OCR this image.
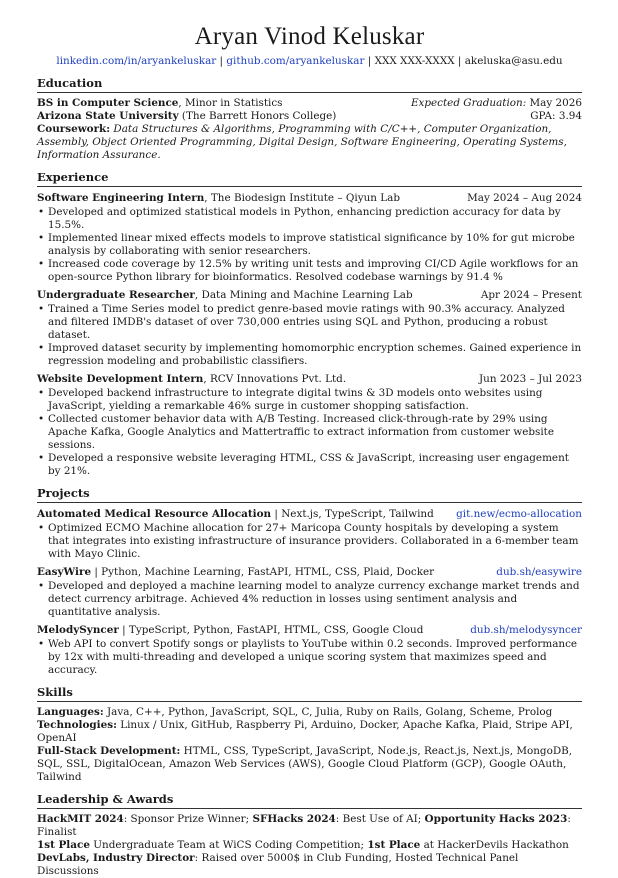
Aryan Vinod Keluskar
linkedin.com/in/aryankeluskar | github.com/aryankeluskar | XXX XXX-XXXX | akeluska@asu.edu
Education
BS in Computer Science, Minor in Statistics	Expected Graduation: May 2026
Arizona State University (The Barrett Honors College)	GPA: 3.94
Coursework: Data Structures & Algorithms, Programming with C/C++, Computer Organization, Assembly, Object Oriented Programming, Digital Design, Software Engineering, Operating Systems, Information Assurance.
Experience
Software Engineering Intern, The Biodesign Institute – Qiyun Lab	May 2024 – Aug 2024
• Developed and optimized statistical models in Python, enhancing prediction accuracy for data by 15.5%.
• Implemented linear mixed effects models to improve statistical significance by 10% for gut microbe analysis by collaborating with senior researchers.
• Increased code coverage by 12.5% by writing unit tests and improving CI/CD Agile workflows for an open-source Python library for bioinformatics. Resolved codebase warnings by 91.4 %
Undergraduate Researcher, Data Mining and Machine Learning Lab	Apr 2024 – Present
• Trained a Time Series model to predict genre-based movie ratings with 90.3% accuracy. Analyzed and filtered IMDB's dataset of over 730,000 entries using SQL and Python, producing a robust dataset.
• Improved dataset security by implementing homomorphic encryption schemes. Gained experience in regression modeling and probabilistic classifiers.
Website Development Intern, RCV Innovations Pvt. Ltd.	Jun 2023 – Jul 2023
• Developed backend infrastructure to integrate digital twins & 3D models onto websites using JavaScript, yielding a remarkable 46% surge in customer shopping satisfaction.
• Collected customer behavior data with A/B Testing. Increased click-through-rate by 29% using Apache Kafka, Google Analytics and Mattertraffic to extract information from customer website sessions.
• Developed a responsive website leveraging HTML, CSS & JavaScript, increasing user engagement by 21%.
Projects
Automated Medical Resource Allocation | Next.js, TypeScript, Tailwind git.new/ecmo-allocation
• Optimized ECMO Machine allocation for 27+ Maricopa County hospitals by developing a system that integrates into existing infrastructure of insurance providers. Collaborated in a 6-member team with Mayo Clinic.
EasyWire | Python, Machine Learning, FastAPI, HTML, CSS, Plaid, Docker	dub.sh/easywire
• Developed and deployed a machine learning model to analyze currency exchange market trends and detect currency arbitrage. Achieved 4% reduction in losses using sentiment analysis and quantitative analysis.
MelodySyncer | TypeScript, Python, FastAPI, HTML, CSS, Google Cloud	dub.sh/melodysyncer
• Web API to convert Spotify songs or playlists to YouTube within 0.2 seconds. Improved performance by 12x with multi-threading and developed a unique scoring system that maximizes speed and accuracy.
Skills
Languages: Java, C++, Python, JavaScript, SQL, C, Julia, Ruby on Rails, Golang, Scheme, Prolog
Technologies: Linux / Unix, GitHub, Raspberry Pi, Arduino, Docker, Apache Kafka, Plaid, Stripe API, OpenAI
Full-Stack Development: HTML, CSS, TypeScript, JavaScript, Node.js, React.js, Next.js, MongoDB, SQL, SSL, DigitalOcean, Amazon Web Services (AWS), Google Cloud Platform (GCP), Google OAuth, Tailwind
Leadership & Awards
HackMIT 2024: Sponsor Prize Winner; SFHacks 2024: Best Use of AI; Opportunity Hacks 2023: Finalist
1st Place Undergraduate Team at WiCS Coding Competition; 1st Place at HackerDevils Hackathon
DevLabs, Industry Director: Raised over 5000$ in Club Funding, Hosted Technical Panel Discussions
